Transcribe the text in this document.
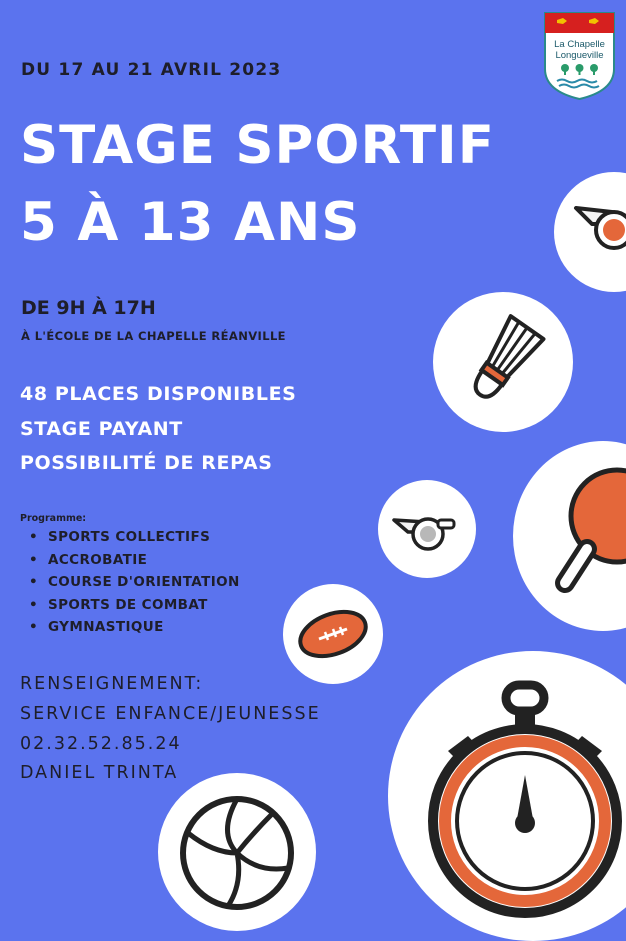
La Chapelle
Longueville
DU 17 AU 21 AVRIL 2023
STAGE SPORTIF
5 À 13 ANS
DE 9H À 17H
À L'ÉCOLE DE LA CHAPELLE RÉANVILLE
48 PLACES DISPONIBLES
STAGE PAYANT
POSSIBILITÉ DE REPAS
Programme:
• SPORTS COLLECTIFS
• ACCROBATIE
• COURSE D'ORIENTATION
• SPORTS DE COMBAT
• GYMNASTIQUE
RENSEIGNEMENT:
SERVICE ENFANCE/JEUNESSE
02.32.52.85.24
DANIEL TRINTA
